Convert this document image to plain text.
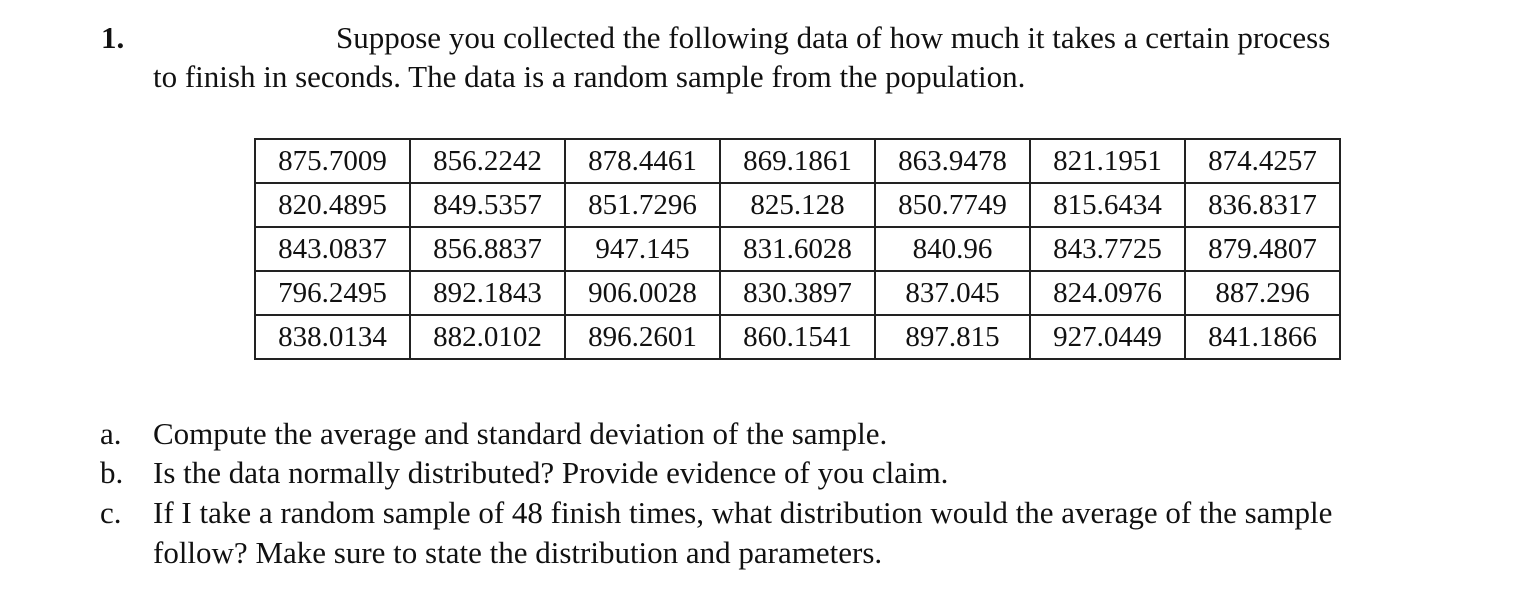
1.	Suppose you collected the following data of how much it takes a certain process
to finish in seconds. The data is a random sample from the population.
875.7009	856.2242	878.4461	869.1861	863.9478	821.1951	874.4257
820.4895	849.5357	851.7296	825.128	850.7749	815.6434	836.8317
843.0837	856.8837	947.145	831.6028	840.96	843.7725	879.4807
796.2495	892.1843	906.0028	830.3897	837.045	824.0976	887.296
838.0134	882.0102	896.2601	860.1541	897.815	927.0449	841.1866
a. Compute the average and standard deviation of the sample.
b. Is the data normally distributed? Provide evidence of you claim.
c. If I take a random sample of 48 finish times, what distribution would the average of the sample
follow? Make sure to state the distribution and parameters.
